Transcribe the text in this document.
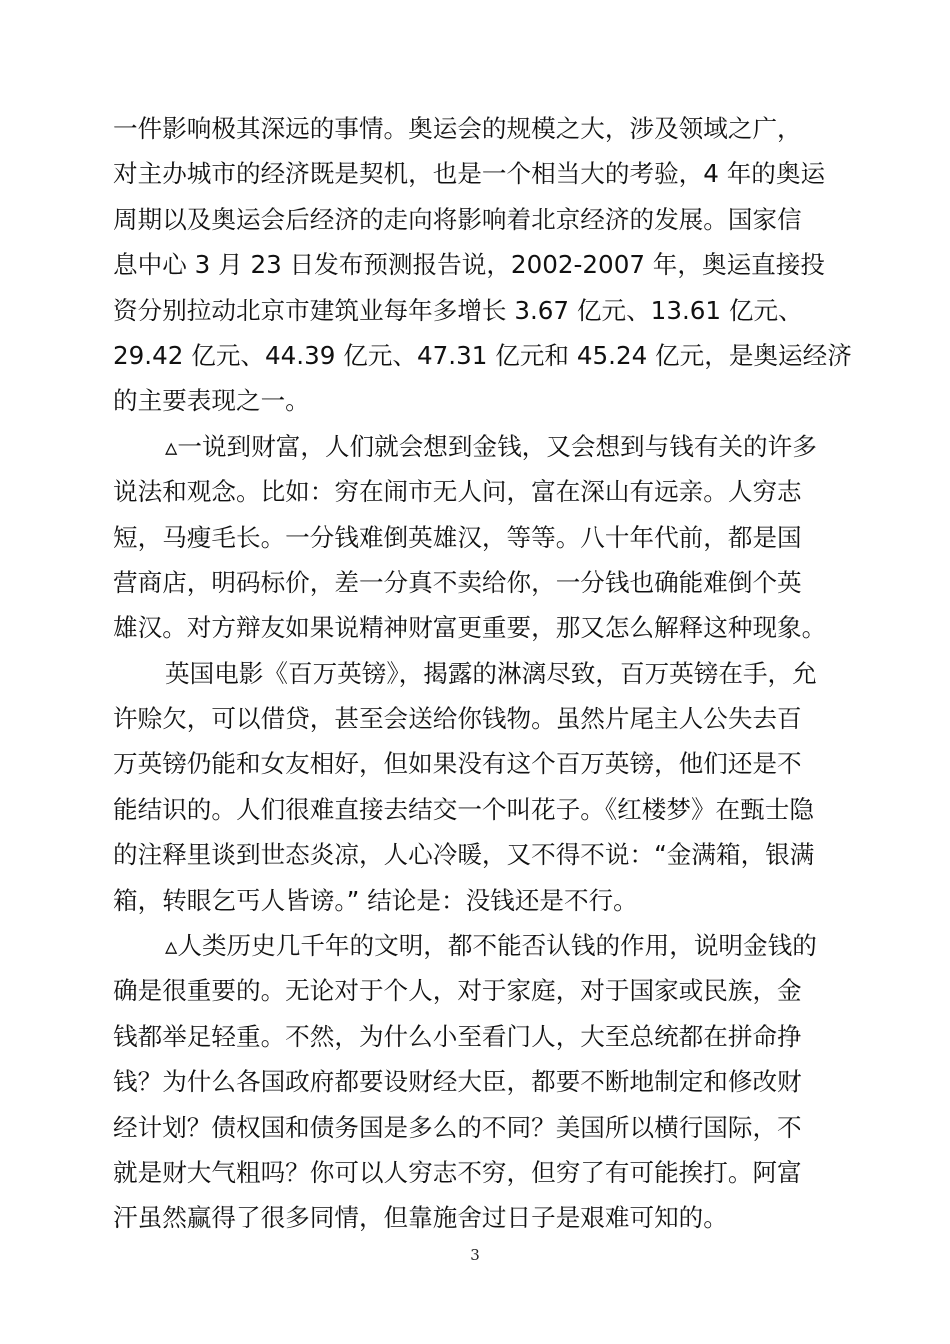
一件影响极其深远的事情。奥运会的规模之大，涉及领域之广，
对主办城市的经济既是契机，也是一个相当大的考验，4 年的奥运
周期以及奥运会后经济的走向将影响着北京经济的发展。国家信
息中心 3 月 23 日发布预测报告说，2002-2007 年，奥运直接投
资分别拉动北京市建筑业每年多增长 3.67 亿元、13.61 亿元、
29.42 亿元、44.39 亿元、47.31 亿元和 45.24 亿元，是奥运经济
的主要表现之一。
▵一说到财富，人们就会想到金钱，又会想到与钱有关的许多
说法和观念。比如：穷在闹市无人问，富在深山有远亲。人穷志
短，马瘦毛长。一分钱难倒英雄汉，等等。八十年代前，都是国
营商店，明码标价，差一分真不卖给你，一分钱也确能难倒个英
雄汉。对方辩友如果说精神财富更重要，那又怎么解释这种现象。
英国电影《百万英镑》，揭露的淋漓尽致，百万英镑在手，允
许赊欠，可以借贷，甚至会送给你钱物。虽然片尾主人公失去百
万英镑仍能和女友相好，但如果没有这个百万英镑，他们还是不
能结识的。人们很难直接去结交一个叫花子。《红楼梦》在甄士隐
的注释里谈到世态炎凉，人心冷暖，又不得不说：“金满箱，银满
箱，转眼乞丐人皆谤。” 结论是：没钱还是不行。
▵人类历史几千年的文明，都不能否认钱的作用，说明金钱的
确是很重要的。无论对于个人，对于家庭，对于国家或民族，金
钱都举足轻重。不然，为什么小至看门人，大至总统都在拼命挣
钱？为什么各国政府都要设财经大臣，都要不断地制定和修改财
经计划？债权国和债务国是多么的不同？美国所以横行国际，不
就是财大气粗吗？你可以人穷志不穷，但穷了有可能挨打。阿富
汗虽然赢得了很多同情，但靠施舍过日子是艰难可知的。
3
